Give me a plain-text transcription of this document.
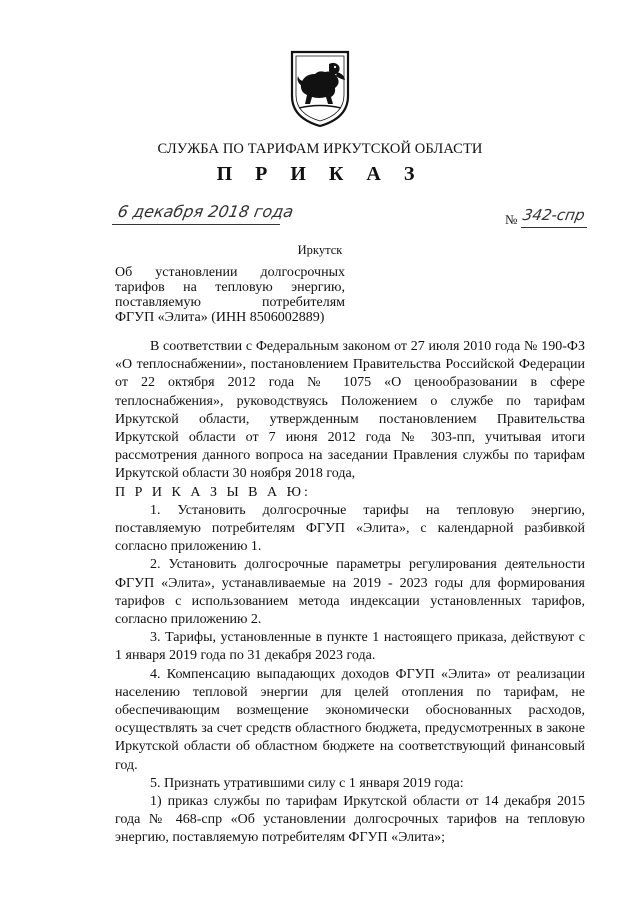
СЛУЖБА ПО ТАРИФАМ ИРКУТСКОЙ ОБЛАСТИ
П Р И К А З
6 декабря 2018 года	№ 342-спр
Иркутск
Об установлении долгосрочных
тарифов на тепловую энергию,
поставляемую потребителям
ФГУП «Элита» (ИНН 8506002889)

В соответствии с Федеральным законом от 27 июля 2010 года № 190-ФЗ «О теплоснабжении», постановлением Правительства Российской Федерации от 22 октября 2012 года № 1075 «О ценообразовании в сфере теплоснабжения», руководствуясь Положением о службе по тарифам Иркутской области, утвержденным постановлением Правительства Иркутской области от 7 июня 2012 года № 303-пп, учитывая итоги рассмотрения данного вопроса на заседании Правления службы по тарифам Иркутской области 30 ноября 2018 года,

П Р И К А З Ы В А Ю:

1. Установить долгосрочные тарифы на тепловую энергию, поставляемую потребителям ФГУП «Элита», с календарной разбивкой согласно приложению 1.

2. Установить долгосрочные параметры регулирования деятельности ФГУП «Элита», устанавливаемые на 2019 - 2023 годы для формирования тарифов с использованием метода индексации установленных тарифов, согласно приложению 2.

3. Тарифы, установленные в пункте 1 настоящего приказа, действуют с 1 января 2019 года по 31 декабря 2023 года.

4. Компенсацию выпадающих доходов ФГУП «Элита» от реализации населению тепловой энергии для целей отопления по тарифам, не обеспечивающим возмещение экономически обоснованных расходов, осуществлять за счет средств областного бюджета, предусмотренных в законе Иркутской области об областном бюджете на соответствующий финансовый год.

5. Признать утратившими силу с 1 января 2019 года:

1) приказ службы по тарифам Иркутской области от 14 декабря 2015 года № 468-спр «Об установлении долгосрочных тарифов на тепловую энергию, поставляемую потребителям ФГУП «Элита»;
